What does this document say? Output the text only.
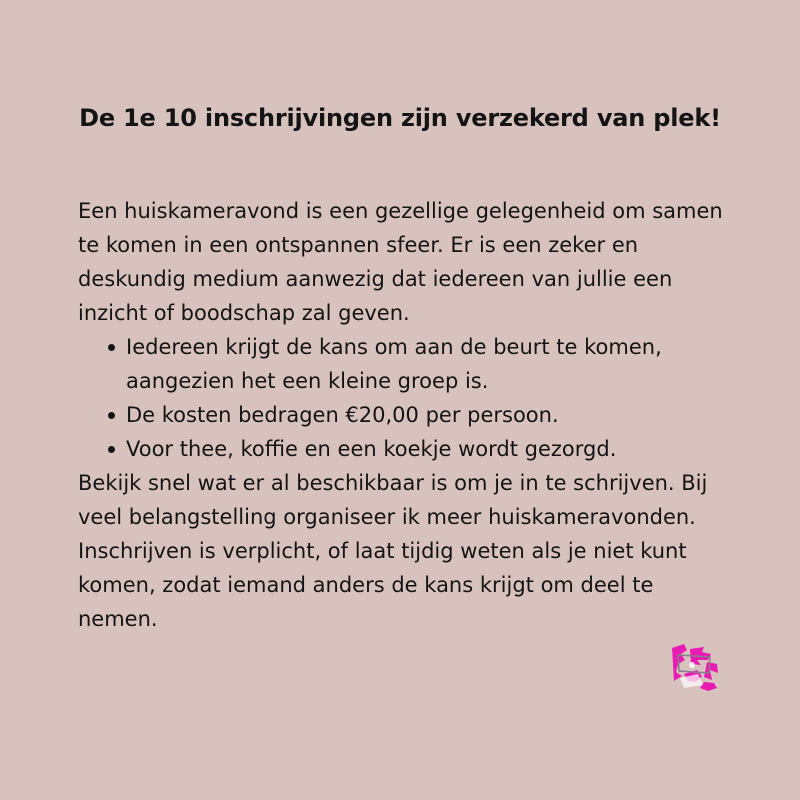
De 1e 10 inschrijvingen zijn verzekerd van plek!

Een huiskameravond is een gezellige gelegenheid om samen te komen in een ontspannen sfeer. Er is een zeker en deskundig medium aanwezig dat iedereen van jullie een inzicht of boodschap zal geven.

Iedereen krijgt de kans om aan de beurt te komen, aangezien het een kleine groep is.
De kosten bedragen €20,00 per persoon.
Voor thee, koffie en een koekje wordt gezorgd.

Bekijk snel wat er al beschikbaar is om je in te schrijven. Bij veel belangstelling organiseer ik meer huiskameravonden. Inschrijven is verplicht, of laat tijdig weten als je niet kunt komen, zodat iemand anders de kans krijgt om deel te nemen.
